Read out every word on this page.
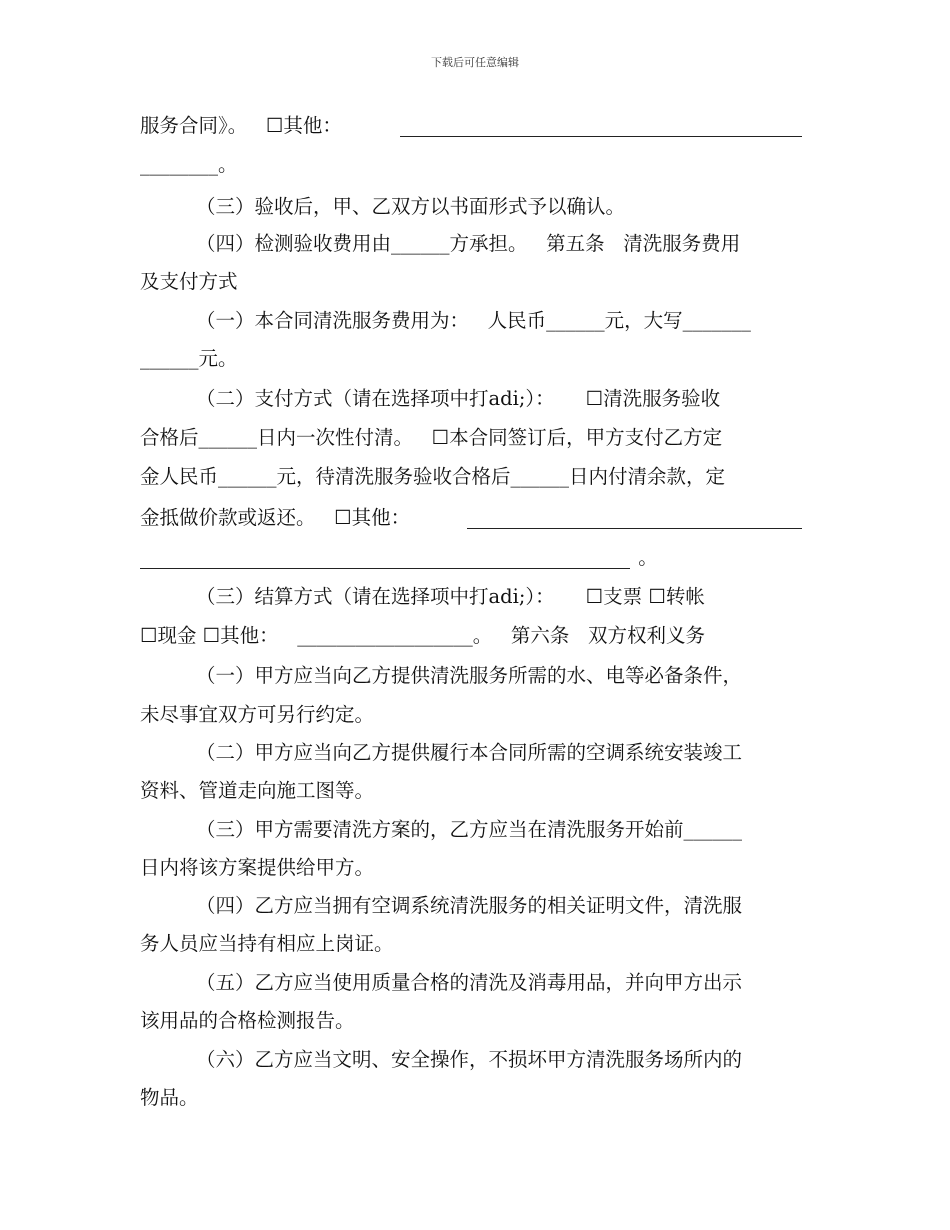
下载后可任意编辑
服务合同》。   ☐其他：
________。
（三）验收后，甲、乙双方以书面形式予以确认。
（四）检测验收费用由______方承担。   第五条   清洗服务费用
及支付方式
（一）本合同清洗服务费用为：   人民币______元，大写_______
______元。
（二）支付方式（请在选择项中打adi;）：     ☐清洗服务验收
合格后______日内一次性付清。   ☐本合同签订后，甲方支付乙方定
金人民币______元，待清洗服务验收合格后______日内付清余款，定
金抵做价款或返还。   ☐其他：
。
（三）结算方式（请在选择项中打adi;）：     ☐支票 ☐转帐
☐现金 ☐其他：   __________________。   第六条   双方权利义务
（一）甲方应当向乙方提供清洗服务所需的水、电等必备条件，
未尽事宜双方可另行约定。
（二）甲方应当向乙方提供履行本合同所需的空调系统安装竣工
资料、管道走向施工图等。
（三）甲方需要清洗方案的，乙方应当在清洗服务开始前______
日内将该方案提供给甲方。
（四）乙方应当拥有空调系统清洗服务的相关证明文件，清洗服
务人员应当持有相应上岗证。
（五）乙方应当使用质量合格的清洗及消毒用品，并向甲方出示
该用品的合格检测报告。
（六）乙方应当文明、安全操作，不损坏甲方清洗服务场所内的
物品。
